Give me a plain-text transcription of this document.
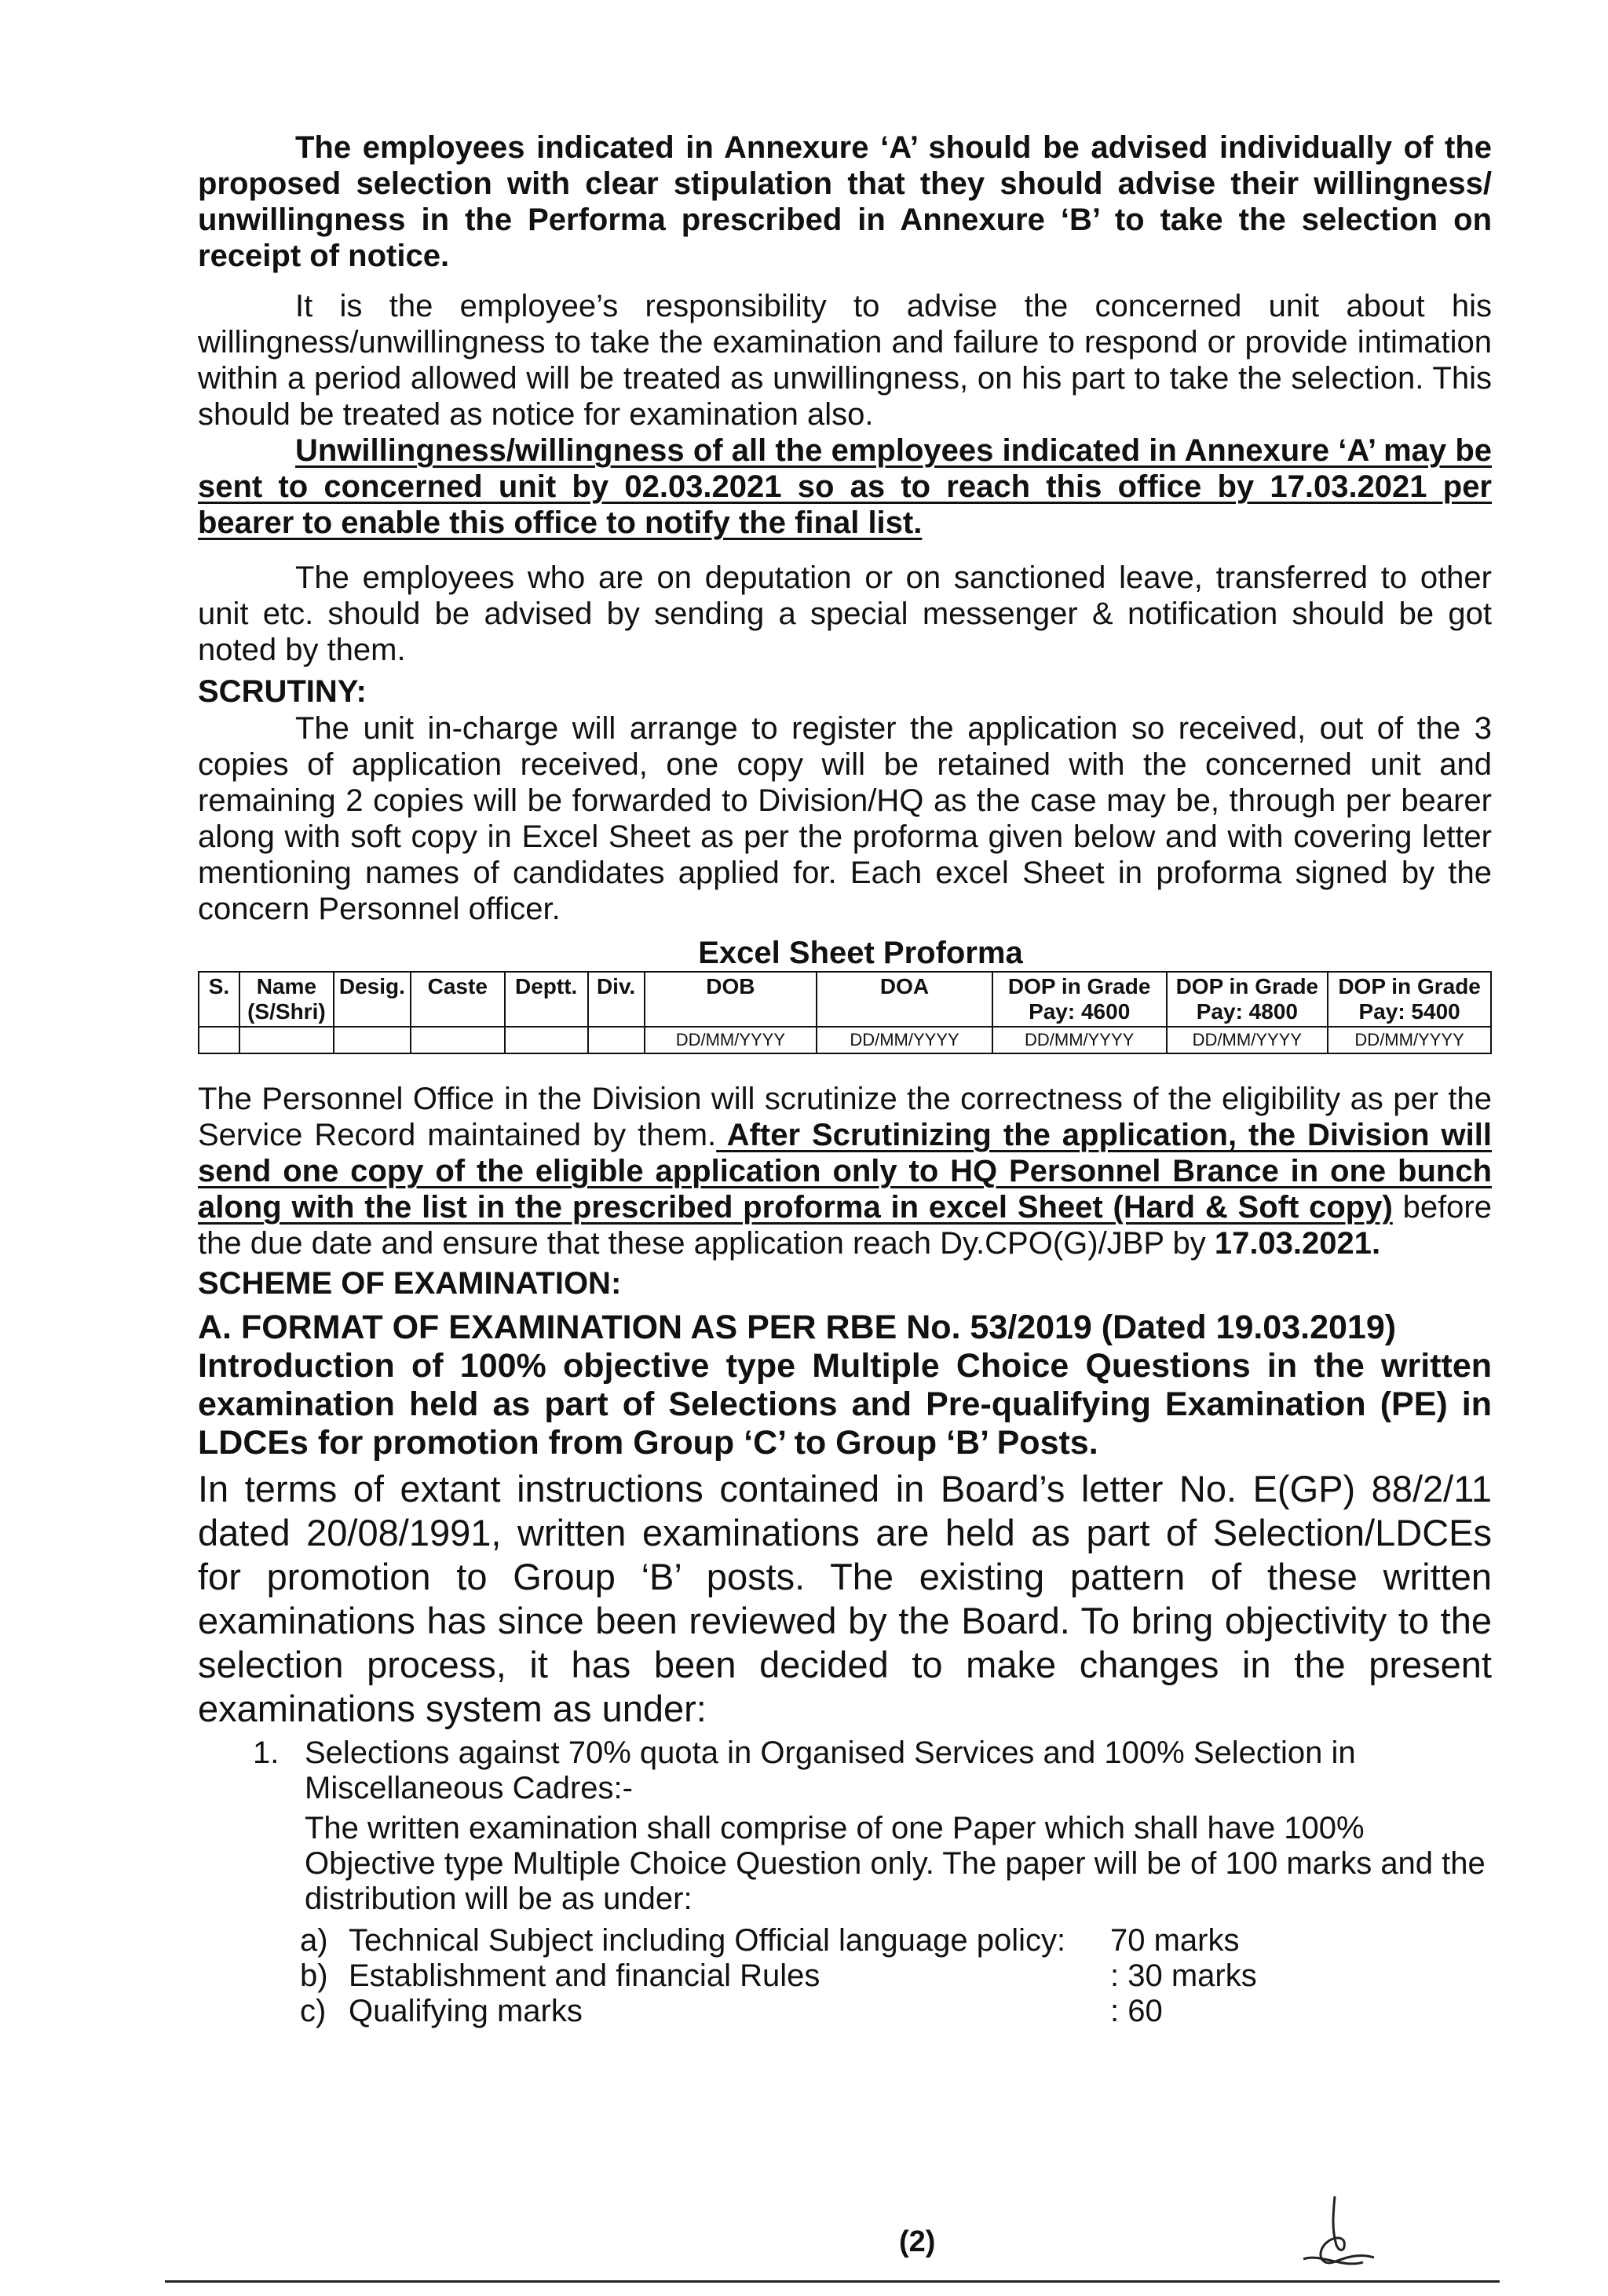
The employees indicated in Annexure ‘A’ should be advised individually of the proposed selection with clear stipulation that they should advise their willingness/ unwillingness in the Performa prescribed in Annexure ‘B’ to take the selection on receipt of notice.

It is the employee’s responsibility to advise the concerned unit about his willingness/unwillingness to take the examination and failure to respond or provide intimation within a period allowed will be treated as unwillingness, on his part to take the selection. This should be treated as notice for examination also.

Unwillingness/willingness of all the employees indicated in Annexure ‘A’ may be sent to concerned unit by 02.03.2021 so as to reach this office by 17.03.2021 per bearer to enable this office to notify the final list.

The employees who are on deputation or on sanctioned leave, transferred to other unit etc. should be advised by sending a special messenger & notification should be got noted by them.

SCRUTINY:

The unit in-charge will arrange to register the application so received, out of the 3 copies of application received, one copy will be retained with the concerned unit and remaining 2 copies will be forwarded to Division/HQ as the case may be, through per bearer along with soft copy in Excel Sheet as per the proforma given below and with covering letter mentioning names of candidates applied for. Each excel Sheet in proforma signed by the concern Personnel officer.

Excel Sheet Proforma
S.	Name (S/Shri)	Desig.	Caste	Deptt.	Div.	DOB	DOA	DOP in Grade Pay: 4600	DOP in Grade Pay: 4800	DOP in Grade Pay: 5400
						DD/MM/YYYY	DD/MM/YYYY	DD/MM/YYYY	DD/MM/YYYY	DD/MM/YYYY

The Personnel Office in the Division will scrutinize the correctness of the eligibility as per the Service Record maintained by them. After Scrutinizing the application, the Division will send one copy of the eligible application only to HQ Personnel Brance in one bunch along with the list in the prescribed proforma in excel Sheet (Hard & Soft copy) before the due date and ensure that these application reach Dy.CPO(G)/JBP by 17.03.2021.

SCHEME OF EXAMINATION:

A. FORMAT OF EXAMINATION AS PER RBE No. 53/2019 (Dated 19.03.2019)

Introduction of 100% objective type Multiple Choice Questions in the written examination held as part of Selections and Pre-qualifying Examination (PE) in LDCEs for promotion from Group ‘C’ to Group ‘B’ Posts.

In terms of extant instructions contained in Board’s letter No. E(GP) 88/2/11 dated 20/08/1991, written examinations are held as part of Selection/LDCEs for promotion to Group ‘B’ posts. The existing pattern of these written examinations has since been reviewed by the Board. To bring objectivity to the selection process, it has been decided to make changes in the present examinations system as under:

1. Selections against 70% quota in Organised Services and 100% Selection in Miscellaneous Cadres:-

The written examination shall comprise of one Paper which shall have 100% Objective type Multiple Choice Question only. The paper will be of 100 marks and the distribution will be as under:

a) Technical Subject including Official language policy:	70 marks
b) Establishment and financial Rules	: 30 marks
c) Qualifying marks	: 60
(2)
